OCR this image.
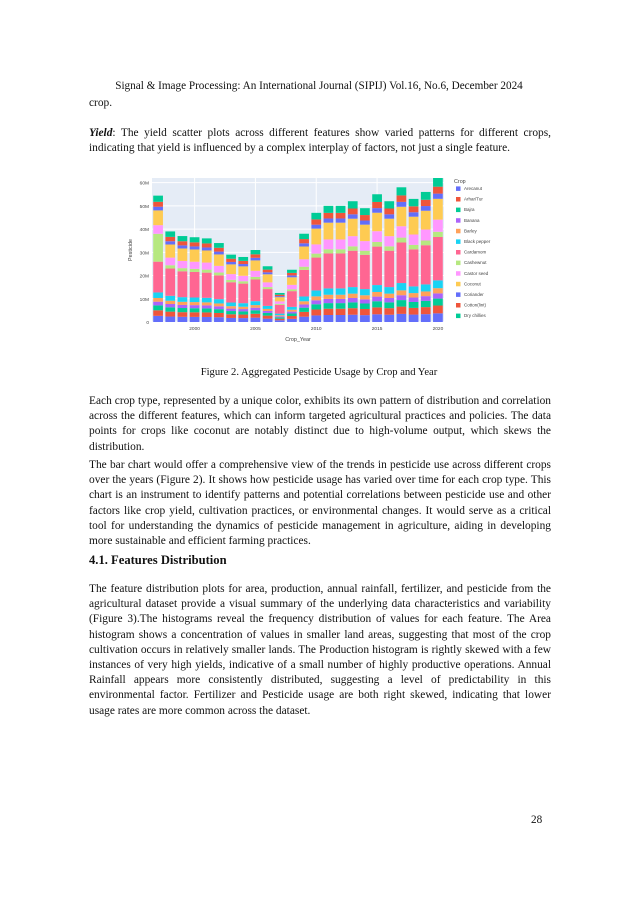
Signal & Image Processing: An International Journal (SIPIJ) Vol.16, No.6, December 2024

crop.

Yield: The yield scatter plots across different features show varied patterns for different crops, indicating that yield is influenced by a complex interplay of factors, not just a single feature.

0
10M
20M
30M
40M
50M
60M
2000	2005	2010	2015	2020
Crop_Year
Pesticide
Crop
Arecanut
Arhar/Tur
Bajra
Banana
Barley
Black pepper
Cardamom
Cashewnut
Castor seed
Coconut
Coriander
Cotton(lint)
Dry chillies
Figure 2. Aggregated Pesticide Usage by Crop and Year

Each crop type, represented by a unique color, exhibits its own pattern of distribution and correlation across the different features, which can inform targeted agricultural practices and policies. The data points for crops like coconut are notably distinct due to high-volume output, which skews the distribution.

The bar chart would offer a comprehensive view of the trends in pesticide use across different crops over the years (Figure 2). It shows how pesticide usage has varied over time for each crop type. This chart is an instrument to identify patterns and potential correlations between pesticide use and other factors like crop yield, cultivation practices, or environmental changes. It would serve as a critical tool for understanding the dynamics of pesticide management in agriculture, aiding in developing more sustainable and efficient farming practices.

4.1. Features Distribution

The feature distribution plots for area, production, annual rainfall, fertilizer, and pesticide from the agricultural dataset provide a visual summary of the underlying data characteristics and variability (Figure 3).The histograms reveal the frequency distribution of values for each feature. The Area histogram shows a concentration of values in smaller land areas, suggesting that most of the crop cultivation occurs in relatively smaller lands. The Production histogram is rightly skewed with a few instances of very high yields, indicative of a small number of highly productive operations. Annual Rainfall appears more consistently distributed, suggesting a level of predictability in this environmental factor. Fertilizer and Pesticide usage are both right skewed, indicating that lower usage rates are more common across the dataset.

28
